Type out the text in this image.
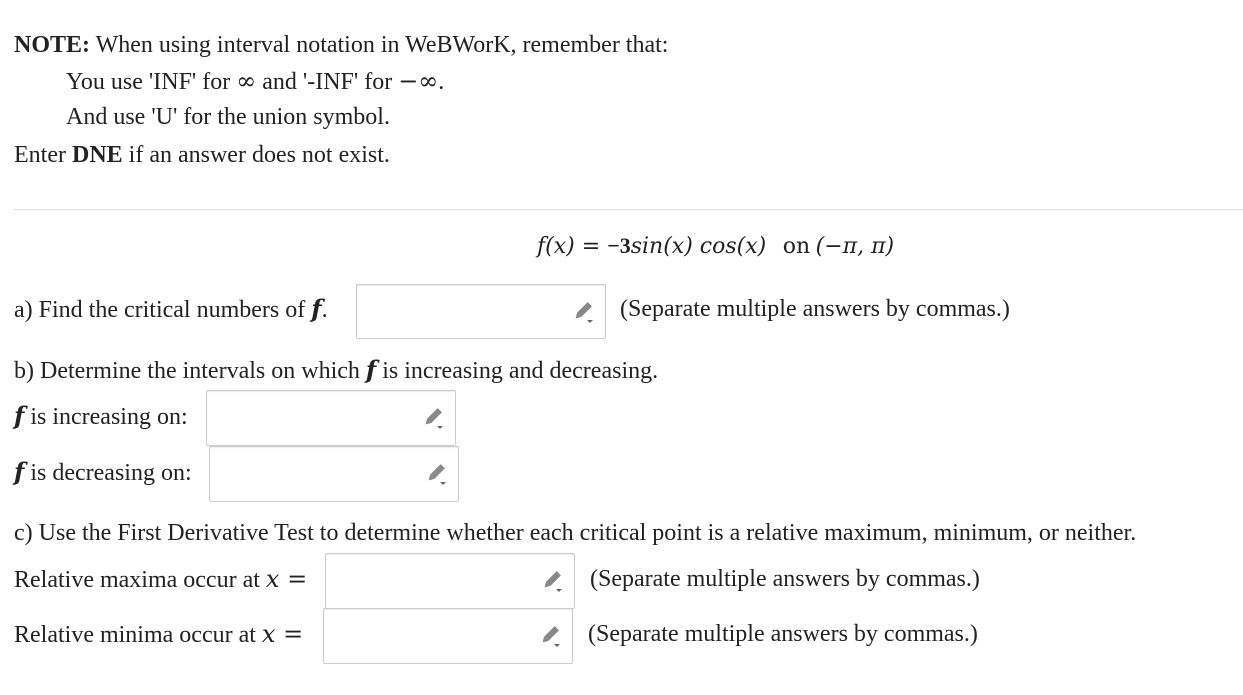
NOTE: When using interval notation in WeBWorK, remember that:
You use 'INF' for ∞ and '-INF' for −∞.
And use 'U' for the union symbol.
Enter DNE if an answer does not exist.
f(x) = −3sin(x) cos(x) on (−π, π)
a) Find the critical numbers of f.	(Separate multiple answers by commas.)
b) Determine the intervals on which f is increasing and decreasing.
f is increasing on:
f is decreasing on:
c) Use the First Derivative Test to determine whether each critical point is a relative maximum, minimum, or neither.
Relative maxima occur at x =	(Separate multiple answers by commas.)
Relative minima occur at x =	(Separate multiple answers by commas.)
